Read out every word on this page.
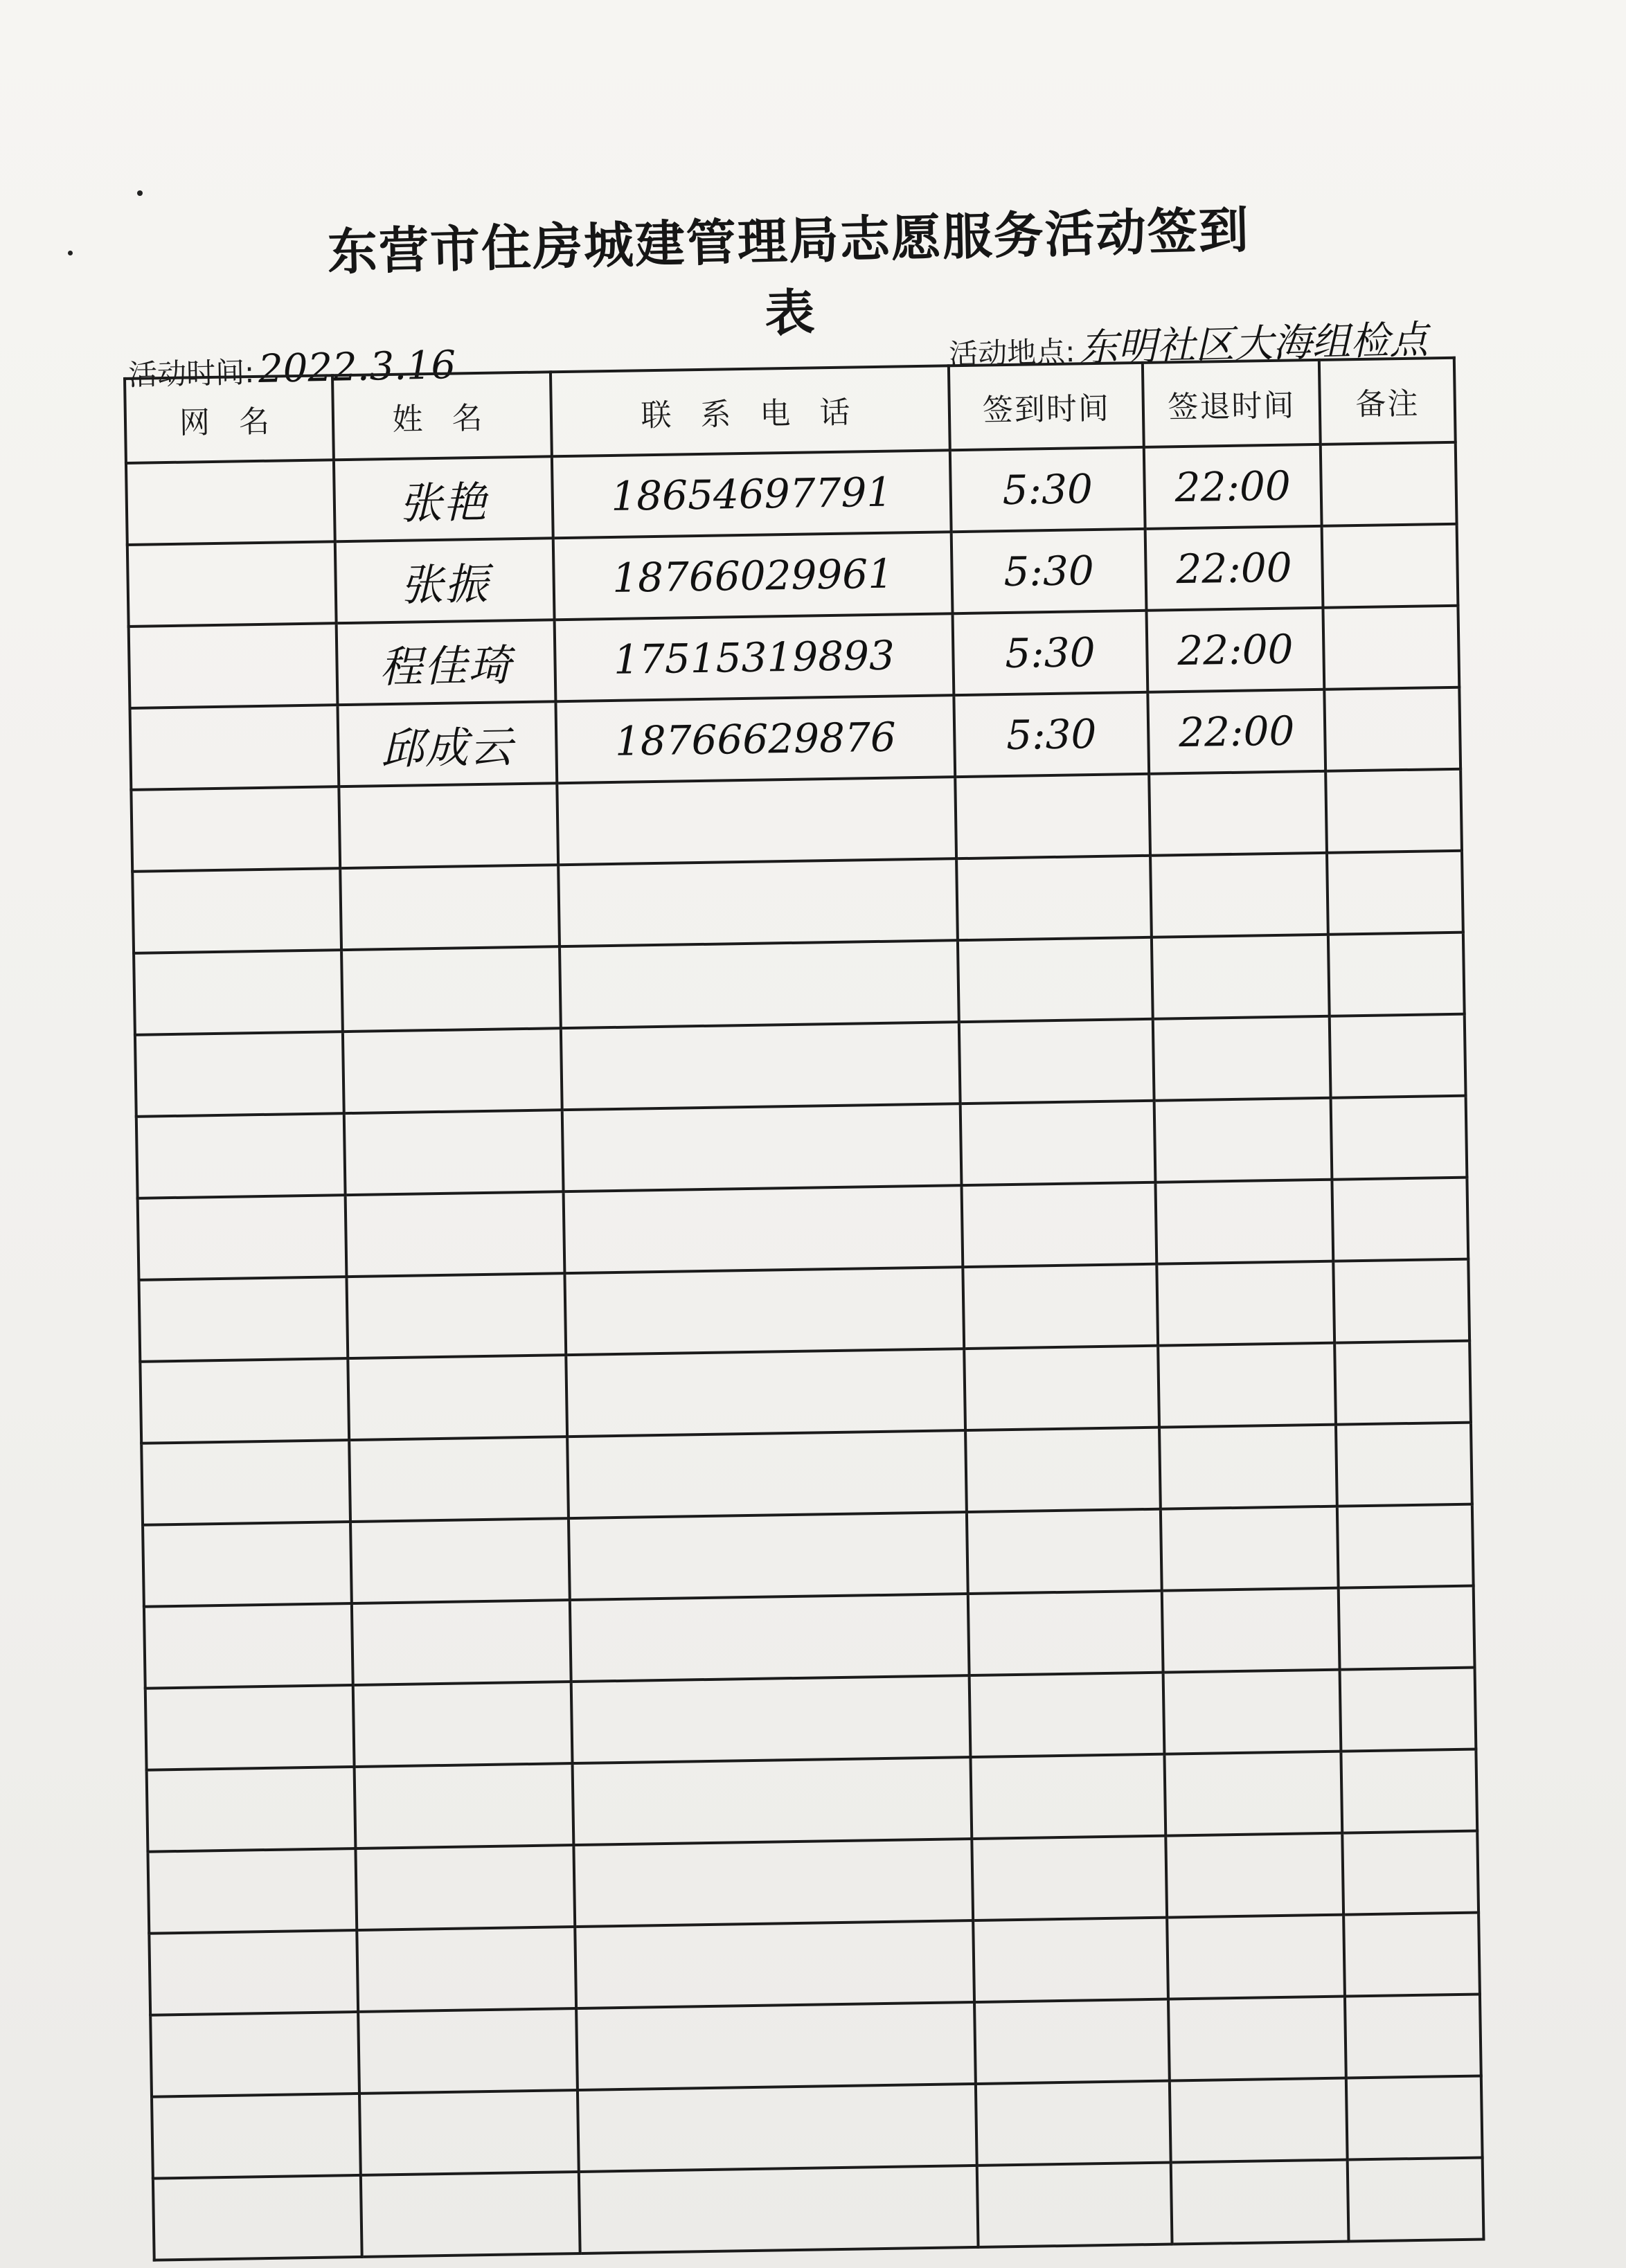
东营市住房城建管理局志愿服务活动签到表
活动时间:2022.3.16	活动地点:东明社区大海组检点
网 名	姓 名	联 系 电 话	签到时间	签退时间	备注
	张艳	18654697791	5:30	22:00	
	张振	18766029961	5:30	22:00	
	程佳琦	17515319893	5:30	22:00	
	邱成云	18766629876	5:30	22:00	
